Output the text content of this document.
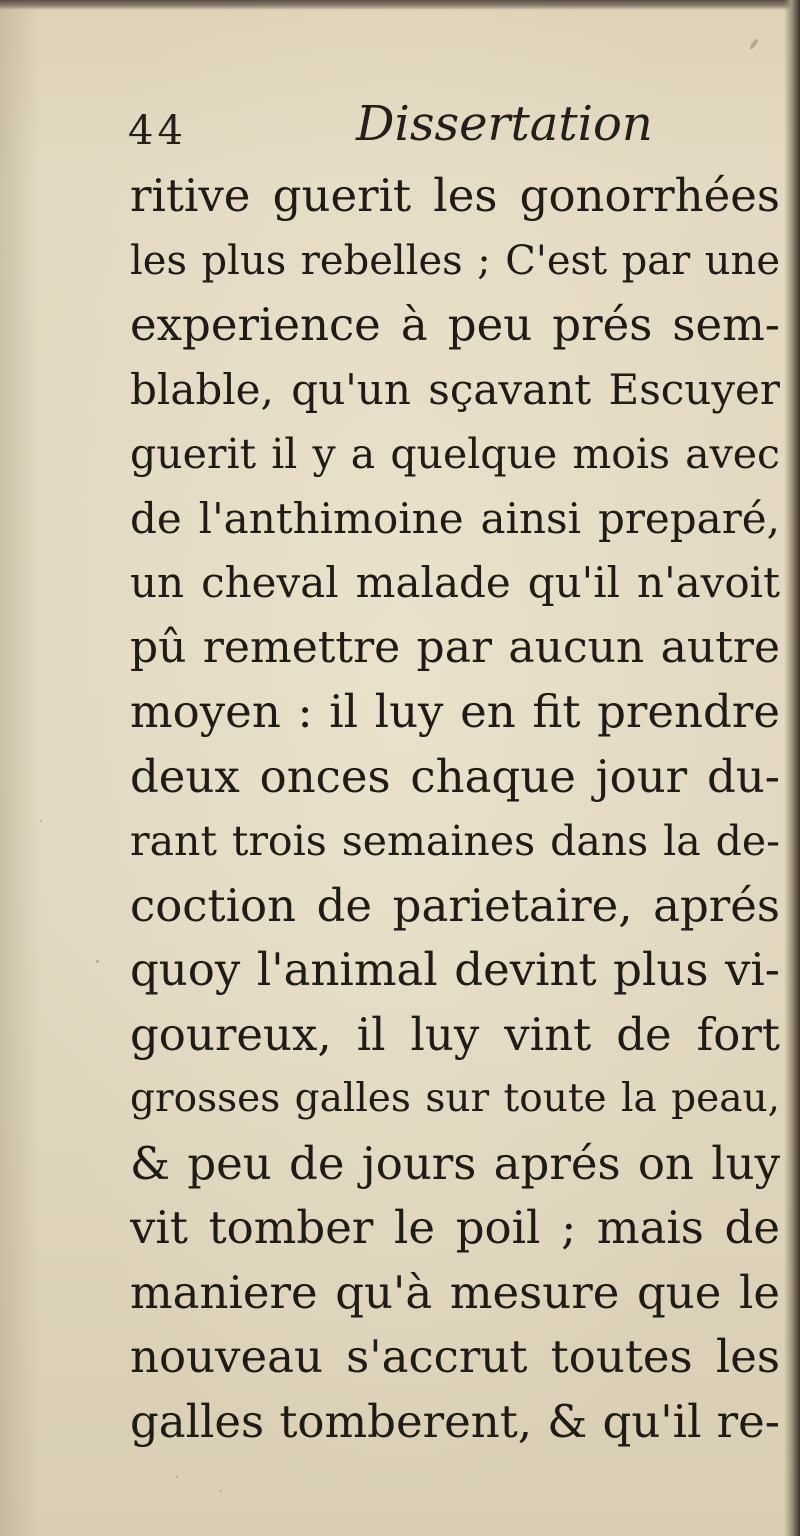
44	Dissertation
ritive guerit les gonorrhées
les plus rebelles ; C'est par une
experience à peu prés sem-
blable, qu'un sçavant Escuyer
guerit il y a quelque mois avec
de l'anthimoine ainsi preparé,
un cheval malade qu'il n'avoit
pû remettre par aucun autre
moyen : il luy en fit prendre
deux onces chaque jour du-
rant trois semaines dans la de-
coction de parietaire, aprés
quoy l'animal devint plus vi-
goureux, il luy vint de fort
grosses galles sur toute la peau,
& peu de jours aprés on luy
vit tomber le poil ; mais de
maniere qu'à mesure que le
nouveau s'accrut toutes les
galles tomberent, & qu'il re-
